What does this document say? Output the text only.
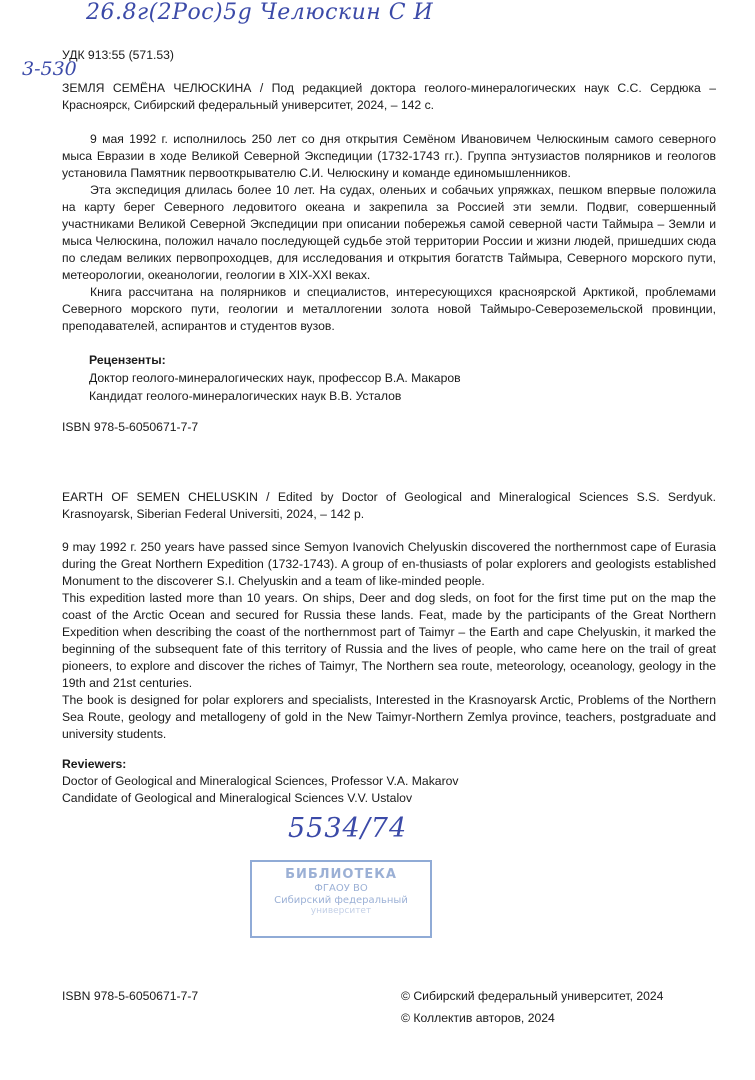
26.8г(2Рос)5g Челюскин С И
3-530
УДК 913:55 (571.53)
ЗЕМЛЯ СЕМЁНА ЧЕЛЮСКИНА / Под редакцией доктора геолого-минералогических наук С.С. Сердюка – Красноярск, Сибирский федеральный университет, 2024, – 142 с.

9 мая 1992 г. исполнилось 250 лет со дня открытия Семёном Ивановичем Челюскиным самого северного мыса Евразии в ходе Великой Северной Экспедиции (1732-1743 гг.). Группа энтузиастов полярников и геологов установила Памятник первооткрывателю С.И. Челюскину и команде единомышленников.

Эта экспедиция длилась более 10 лет. На судах, оленьих и собачьих упряжках, пешком впервые положила на карту берег Северного ледовитого океана и закрепила за Россией эти земли. Подвиг, совершенный участниками Великой Северной Экспедиции при описании побережья самой северной части Таймыра – Земли и мыса Челюскина, положил начало последующей судьбе этой территории России и жизни людей, пришедших сюда по следам великих первопроходцев, для исследования и открытия богатств Таймыра, Северного морского пути, метеорологии, океанологии, геологии в XIX-XXI веках.

Книга рассчитана на полярников и специалистов, интересующихся красноярской Арктикой, проблемами Северного морского пути, геологии и металлогении золота новой Таймыро-Североземельской провинции, преподавателей, аспирантов и студентов вузов.

Рецензенты:
Доктор геолого-минералогических наук, профессор В.А. Макаров
Кандидат геолого-минералогических наук В.В. Усталов
ISBN 978-5-6050671-7-7
EARTH OF SEMEN CHELUSKIN / Edited by Doctor of Geological and Mineralogical Sciences S.S. Serdyuk. Krasnoyarsk, Siberian Federal Universiti, 2024, – 142 p.

9 may 1992 г. 250 years have passed since Semyon Ivanovich Chelyuskin discovered the northernmost cape of Eurasia during the Great Northern Expedition (1732-1743). A group of en-thusiasts of polar explorers and geologists established Monument to the discoverer S.I. Chelyuskin and a team of like-minded people.

This expedition lasted more than 10 years. On ships, Deer and dog sleds, on foot for the first time put on the map the coast of the Arctic Ocean and secured for Russia these lands. Feat, made by the participants of the Great Northern Expedition when describing the coast of the northernmost part of Taimyr – the Earth and cape Chelyuskin, it marked the beginning of the subsequent fate of this territory of Russia and the lives of people, who came here on the trail of great pioneers, to explore and discover the riches of Taimyr, The Northern sea route, meteorology, oceanology, geology in the 19th and 21st centuries.

The book is designed for polar explorers and specialists, Interested in the Krasnoyarsk Arctic, Problems of the Northern Sea Route, geology and metallogeny of gold in the New Taimyr-Northern Zemlya province, teachers, postgraduate and university students.

Reviewers:
Doctor of Geological and Mineralogical Sciences, Professor V.A. Makarov
Candidate of Geological and Mineralogical Sciences V.V. Ustalov
5534/74
БИБЛИОТЕКА
ФГАОУ ВО
Сибирский федеральный
университет
ISBN 978-5-6050671-7-7	© Сибирский федеральный университет, 2024
© Коллектив авторов, 2024
